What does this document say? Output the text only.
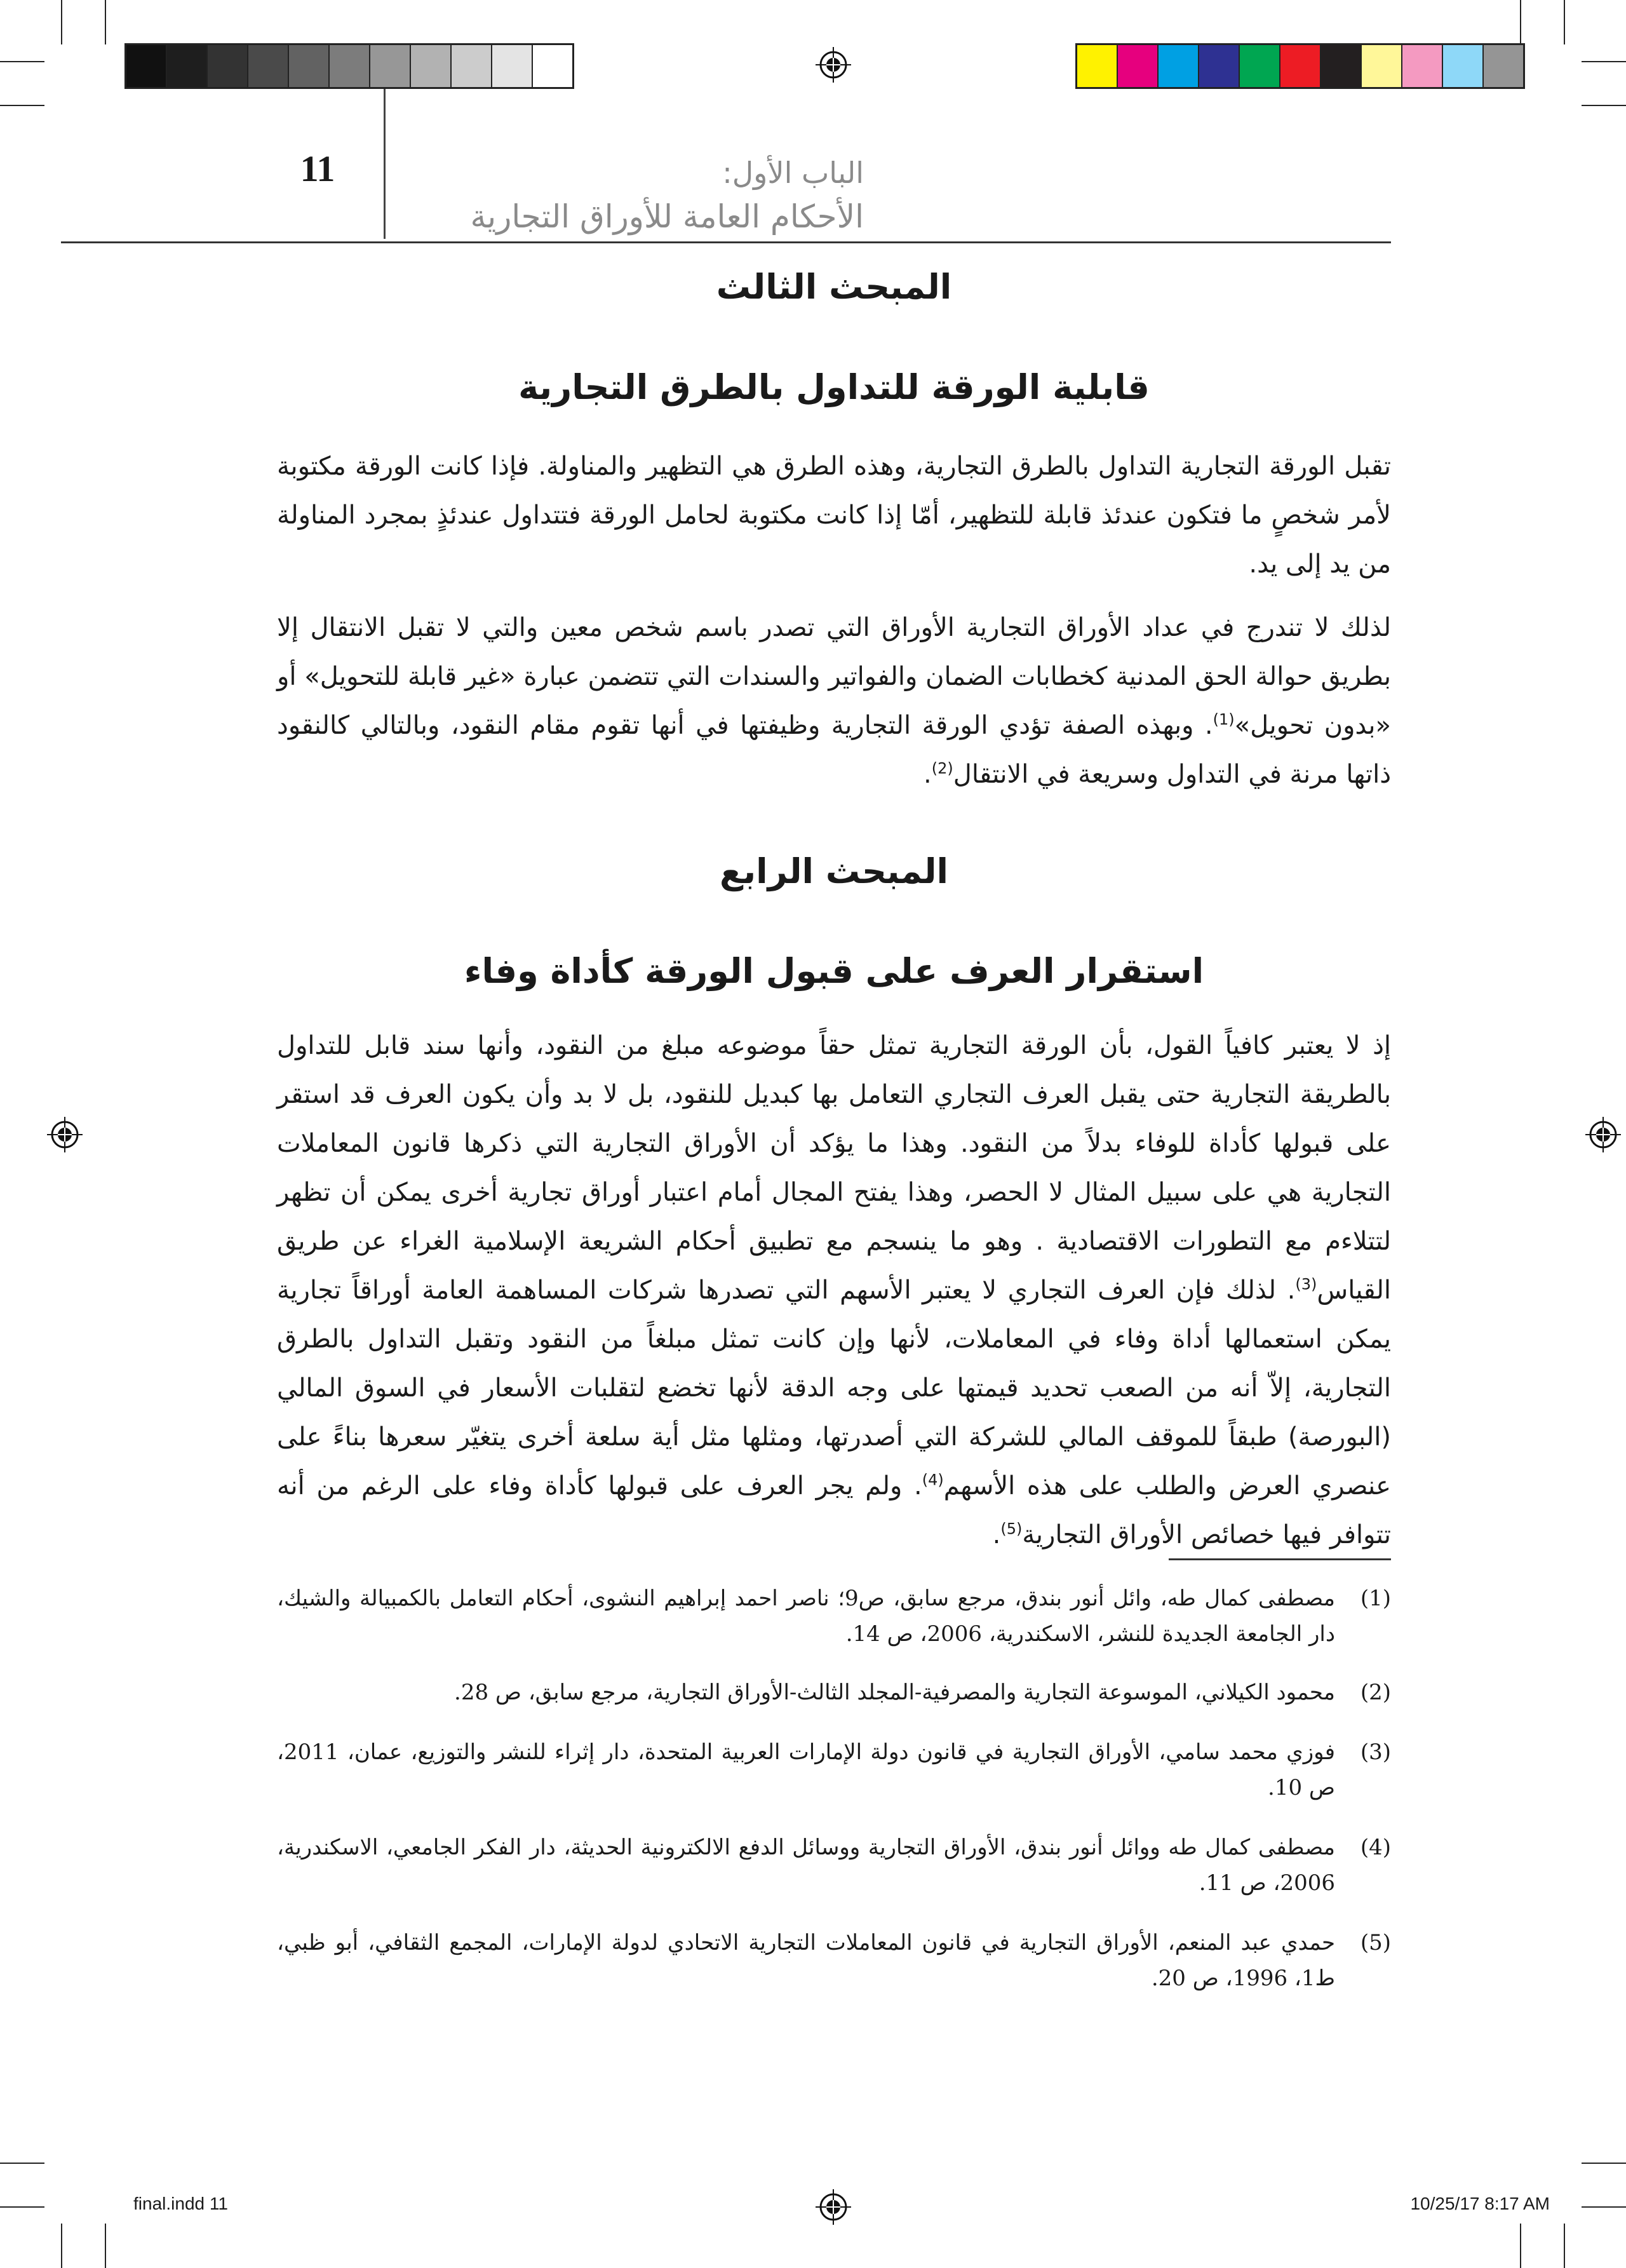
11	الباب الأول:
الأحكام العامة للأوراق التجارية
المبحث الثالث
قابلية الورقة للتداول بالطرق التجارية
تقبل الورقة التجارية التداول بالطرق التجارية، وهذه الطرق هي التظهير والمناولة. فإذا كانت الورقة مكتوبة لأمر شخصٍ ما فتكون عندئذ قابلة للتظهير، أمّا إذا كانت مكتوبة لحامل الورقة فتتداول عندئذٍ بمجرد المناولة من يد إلى يد.
لذلك لا تندرج في عداد الأوراق التجارية الأوراق التي تصدر باسم شخص معين والتي لا تقبل الانتقال إلا بطريق حوالة الحق المدنية كخطابات الضمان والفواتير والسندات التي تتضمن عبارة «غير قابلة للتحويل» أو «بدون تحويل»$^{(1)}$. وبهذه الصفة تؤدي الورقة التجارية وظيفتها في أنها تقوم مقام النقود، وبالتالي كالنقود ذاتها مرنة في التداول وسريعة في الانتقال$^{(2)}$.
المبحث الرابع
استقرار العرف على قبول الورقة كأداة وفاء
إذ لا يعتبر كافياً القول، بأن الورقة التجارية تمثل حقاً موضوعه مبلغ من النقود، وأنها سند قابل للتداول بالطريقة التجارية حتى يقبل العرف التجاري التعامل بها كبديل للنقود، بل لا بد وأن يكون العرف قد استقر على قبولها كأداة للوفاء بدلاً من النقود. وهذا ما يؤكد أن الأوراق التجارية التي ذكرها قانون المعاملات التجارية هي على سبيل المثال لا الحصر، وهذا يفتح المجال أمام اعتبار أوراق تجارية أخرى يمكن أن تظهر لتتلاءم مع التطورات الاقتصادية . وهو ما ينسجم مع تطبيق أحكام الشريعة الإسلامية الغراء عن طريق القياس$^{(3)}$. لذلك فإن العرف التجاري لا يعتبر الأسهم التي تصدرها شركات المساهمة العامة أوراقاً تجارية يمكن استعمالها أداة وفاء في المعاملات، لأنها وإن كانت تمثل مبلغاً من النقود وتقبل التداول بالطرق التجارية، إلاّ أنه من الصعب تحديد قيمتها على وجه الدقة لأنها تخضع لتقلبات الأسعار في السوق المالي (البورصة) طبقاً للموقف المالي للشركة التي أصدرتها، ومثلها مثل أية سلعة أخرى يتغيّر سعرها بناءً على عنصري العرض والطلب على هذه الأسهم$^{(4)}$. ولم يجر العرف على قبولها كأداة وفاء على الرغم من أنه تتوافر فيها خصائص الأوراق التجارية$^{(5)}$.
(1)
مصطفى كمال طه، وائل أنور بندق، مرجع سابق، ص9؛ ناصر احمد إبراهيم النشوى، أحكام التعامل بالكمبيالة والشيك، دار الجامعة الجديدة للنشر، الاسكندرية، 2006، ص 14.
(2)
محمود الكيلاني، الموسوعة التجارية والمصرفية-المجلد الثالث-الأوراق التجارية، مرجع سابق، ص 28.
(3)
فوزي محمد سامي، الأوراق التجارية في قانون دولة الإمارات العربية المتحدة، دار إثراء للنشر والتوزيع، عمان، 2011، ص 10.
(4)
مصطفى كمال طه ووائل أنور بندق، الأوراق التجارية ووسائل الدفع الالكترونية الحديثة، دار الفكر الجامعي، الاسكندرية، 2006، ص 11.
(5)
حمدي عبد المنعم، الأوراق التجارية في قانون المعاملات التجارية الاتحادي لدولة الإمارات، المجمع الثقافي، أبو ظبي، ط1، 1996، ص 20.
final.indd 11	10/25/17 8:17 AM
